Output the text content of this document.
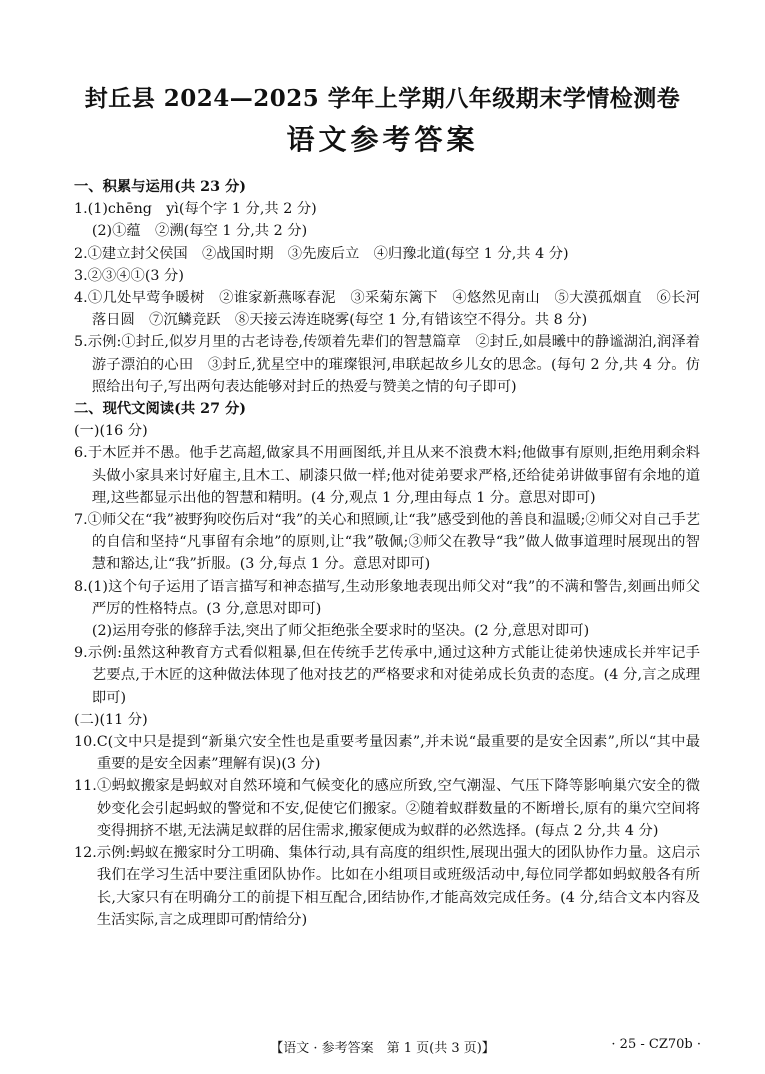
封丘县 2024—2025 学年上学期八年级期末学情检测卷
语文参考答案
一、积累与运用(共 23 分)
1.(1)chēng　yì(每个字 1 分,共 2 分)
(2)①蕴　②溯(每空 1 分,共 2 分)
2.①建立封父侯国　②战国时期　③先废后立　④归豫北道(每空 1 分,共 4 分)
3.②③④①(3 分)
4.①几处早莺争暖树　②谁家新燕啄春泥　③采菊东篱下　④悠然见南山　⑤大漠孤烟直　⑥长河落日圆　⑦沉鳞竞跃　⑧天接云涛连晓雾(每空 1 分,有错该空不得分。共 8 分)
5.示例:①封丘,似岁月里的古老诗卷,传颂着先辈们的智慧篇章　②封丘,如晨曦中的静谧湖泊,润泽着游子漂泊的心田　③封丘,犹星空中的璀璨银河,串联起故乡儿女的思念。(每句 2 分,共 4 分。仿照给出句子,写出两句表达能够对封丘的热爱与赞美之情的句子即可)
二、现代文阅读(共 27 分)
(一)(16 分)
6.于木匠并不愚。他手艺高超,做家具不用画图纸,并且从来不浪费木料;他做事有原则,拒绝用剩余料头做小家具来讨好雇主,且木工、刷漆只做一样;他对徒弟要求严格,还给徒弟讲做事留有余地的道理,这些都显示出他的智慧和精明。(4 分,观点 1 分,理由每点 1 分。意思对即可)
7.①师父在“我”被野狗咬伤后对“我”的关心和照顾,让“我”感受到他的善良和温暖;②师父对自己手艺的自信和坚持“凡事留有余地”的原则,让“我”敬佩;③师父在教导“我”做人做事道理时展现出的智慧和豁达,让“我”折服。(3 分,每点 1 分。意思对即可)
8.(1)这个句子运用了语言描写和神态描写,生动形象地表现出师父对“我”的不满和警告,刻画出师父严厉的性格特点。(3 分,意思对即可)
(2)运用夸张的修辞手法,突出了师父拒绝张全要求时的坚决。(2 分,意思对即可)
9.示例:虽然这种教育方式看似粗暴,但在传统手艺传承中,通过这种方式能让徒弟快速成长并牢记手艺要点,于木匠的这种做法体现了他对技艺的严格要求和对徒弟成长负责的态度。(4 分,言之成理即可)
(二)(11 分)
10.C(文中只是提到“新巢穴安全性也是重要考量因素”,并未说“最重要的是安全因素”,所以“其中最重要的是安全因素”理解有误)(3 分)
11.①蚂蚁搬家是蚂蚁对自然环境和气候变化的感应所致,空气潮湿、气压下降等影响巢穴安全的微妙变化会引起蚂蚁的警觉和不安,促使它们搬家。②随着蚁群数量的不断增长,原有的巢穴空间将变得拥挤不堪,无法满足蚁群的居住需求,搬家便成为蚁群的必然选择。(每点 2 分,共 4 分)
12.示例:蚂蚁在搬家时分工明确、集体行动,具有高度的组织性,展现出强大的团队协作力量。这启示我们在学习生活中要注重团队协作。比如在小组项目或班级活动中,每位同学都如蚂蚁般各有所长,大家只有在明确分工的前提下相互配合,团结协作,才能高效完成任务。(4 分,结合文本内容及生活实际,言之成理即可酌情给分)
【语文 · 参考答案　第 1 页(共 3 页)】	· 25 - CZ70b ·
